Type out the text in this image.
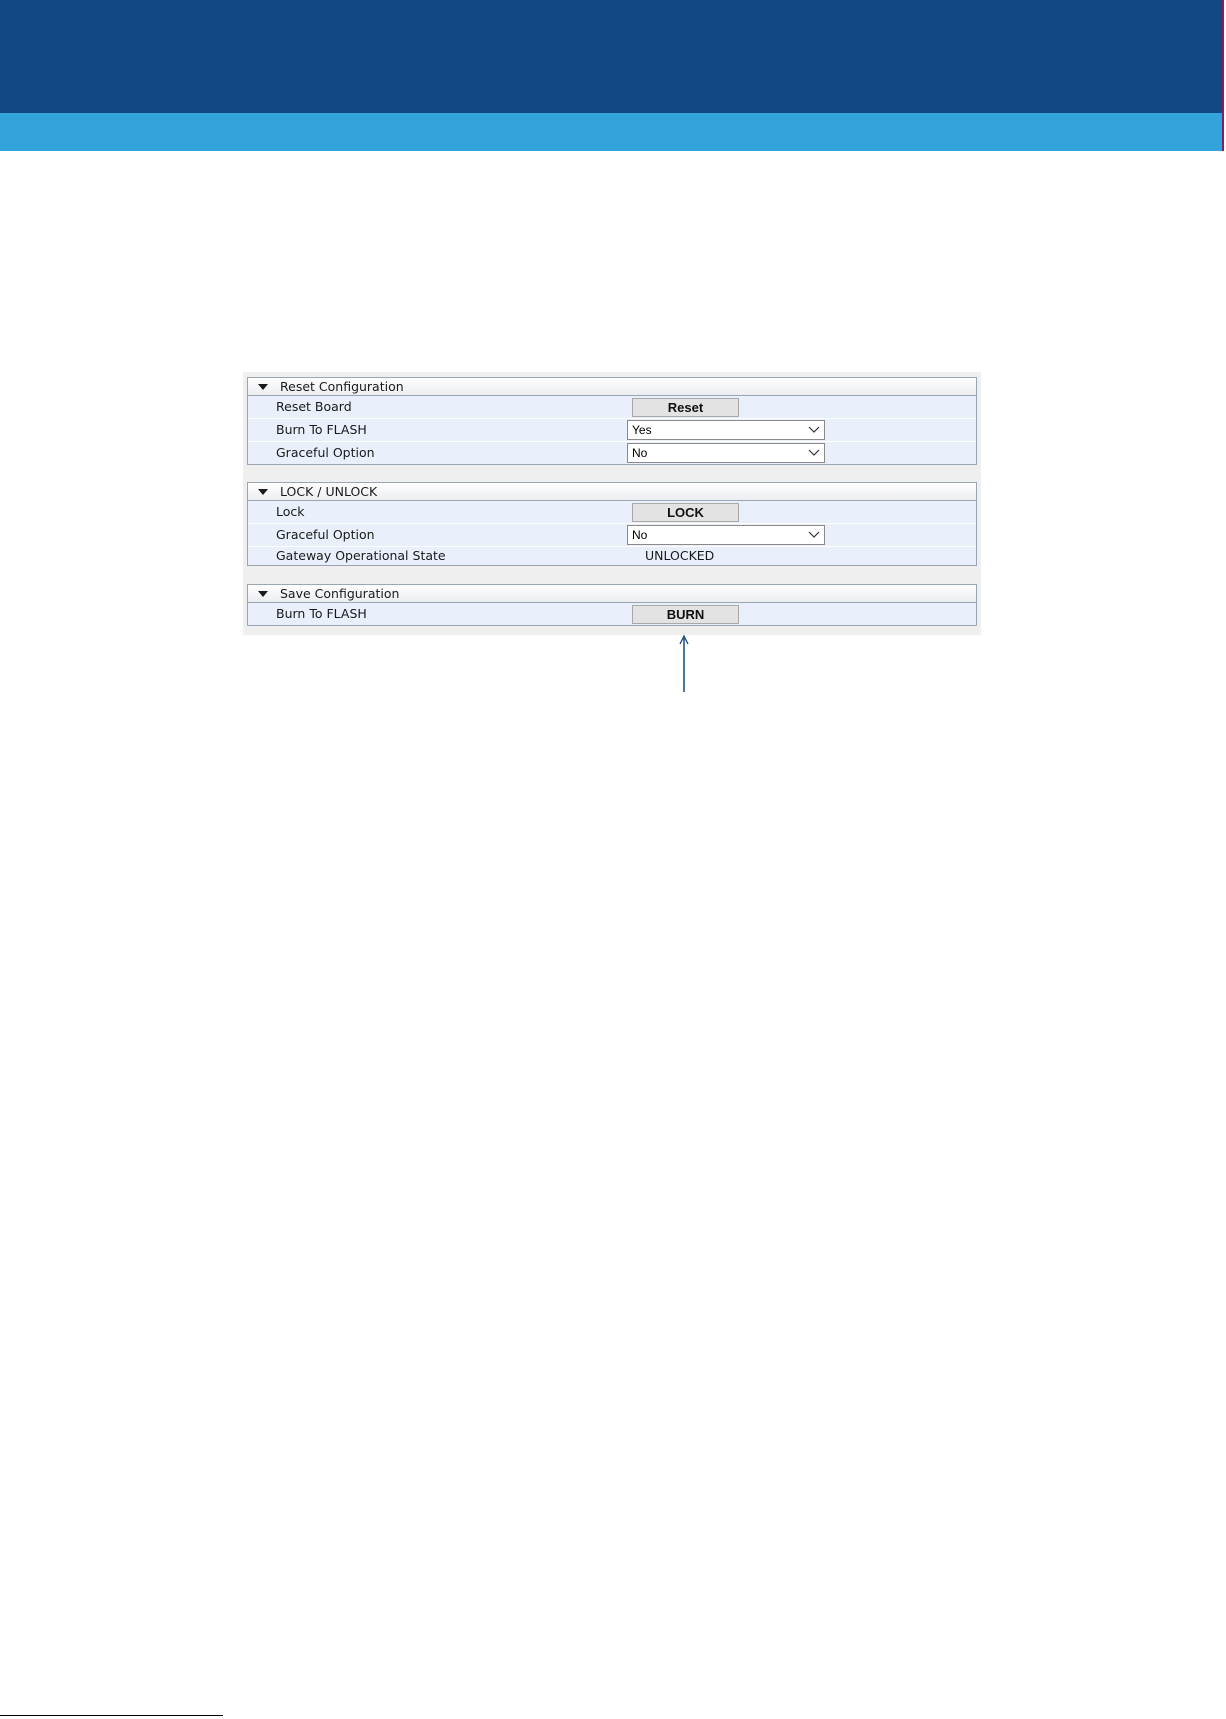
Reset Configuration
Reset Board	Reset
Burn To FLASH	Yes
Graceful Option	No
LOCK / UNLOCK
Lock	LOCK
Graceful Option	No
Gateway Operational State	UNLOCKED
Save Configuration
Burn To FLASH	BURN
